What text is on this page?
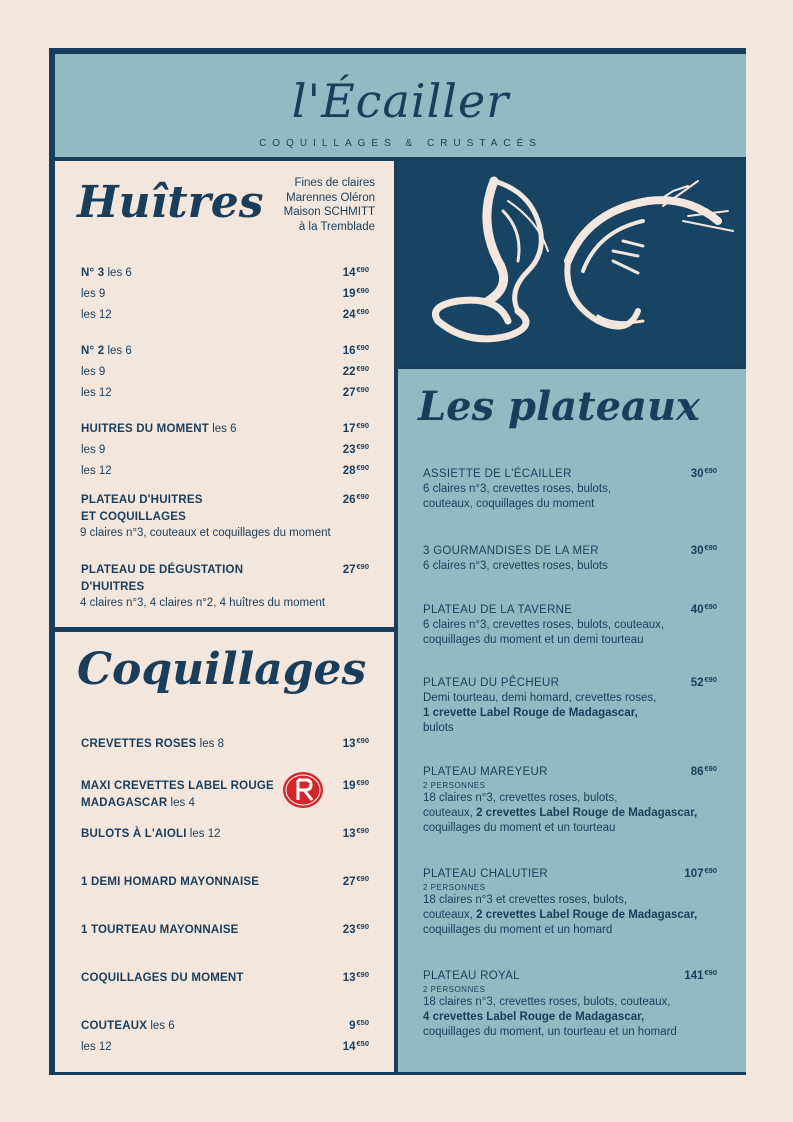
l'Écailler
COQUILLAGES & CRUSTACÉS
Huîtres	Fines de claires
Marennes Oléron
Maison SCHMITT
à la Tremblade
N° 3 les 6	$14^{€90}$
les 9	$19^{€90}$
les 12	$24^{€90}$
N° 2 les 6	$16^{€90}$
les 9	$22^{€90}$
les 12	$27^{€90}$
HUITRES DU MOMENT les 6	$17^{€90}$
les 9	$23^{€90}$
les 12	$28^{€90}$
PLATEAU D'HUITRES	$26^{€90}$
ET COQUILLAGES
9 claires n°3, couteaux et coquillages du moment
PLATEAU DE DÉGUSTATION	$27^{€90}$
D'HUITRES
4 claires n°3, 4 claires n°2, 4 huîtres du moment
Coquillages
CREVETTES ROSES les 8	$13^{€90}$
MAXI CREVETTES LABEL ROUGE	$19^{€90}$
MADAGASCAR les 4
BULOTS À L'AIOLI les 12	$13^{€90}$
1 DEMI HOMARD MAYONNAISE	$27^{€90}$
1 TOURTEAU MAYONNAISE	$23^{€90}$
COQUILLAGES DU MOMENT	$13^{€90}$
COUTEAUX les 6	$9^{€50}$
les 12	$14^{€50}$
Les plateaux
ASSIETTE DE L'ÉCAILLER	$30^{€90}$
6 claires n°3, crevettes roses, bulots,
couteaux, coquillages du moment
3 GOURMANDISES DE LA MER	$30^{€90}$
6 claires n°3, crevettes roses, bulots
PLATEAU DE LA TAVERNE	$40^{€90}$
6 claires n°3, crevettes roses, bulots, couteaux,
coquillages du moment et un demi tourteau
PLATEAU DU PÊCHEUR	$52^{€90}$
Demi tourteau, demi homard, crevettes roses,
1 crevette Label Rouge de Madagascar,
bulots
PLATEAU MAREYEUR	$86^{€90}$
2 PERSONNES
18 claires n°3, crevettes roses, bulots,
couteaux, 2 crevettes Label Rouge de Madagascar,
coquillages du moment et un tourteau
PLATEAU CHALUTIER	$107^{€90}$
2 PERSONNES
18 claires n°3 et crevettes roses, bulots,
couteaux, 2 crevettes Label Rouge de Madagascar,
coquillages du moment et un homard
PLATEAU ROYAL	$141^{€90}$
2 PERSONNES
18 claires n°3, crevettes roses, bulots, couteaux,
4 crevettes Label Rouge de Madagascar,
coquillages du moment, un tourteau et un homard
